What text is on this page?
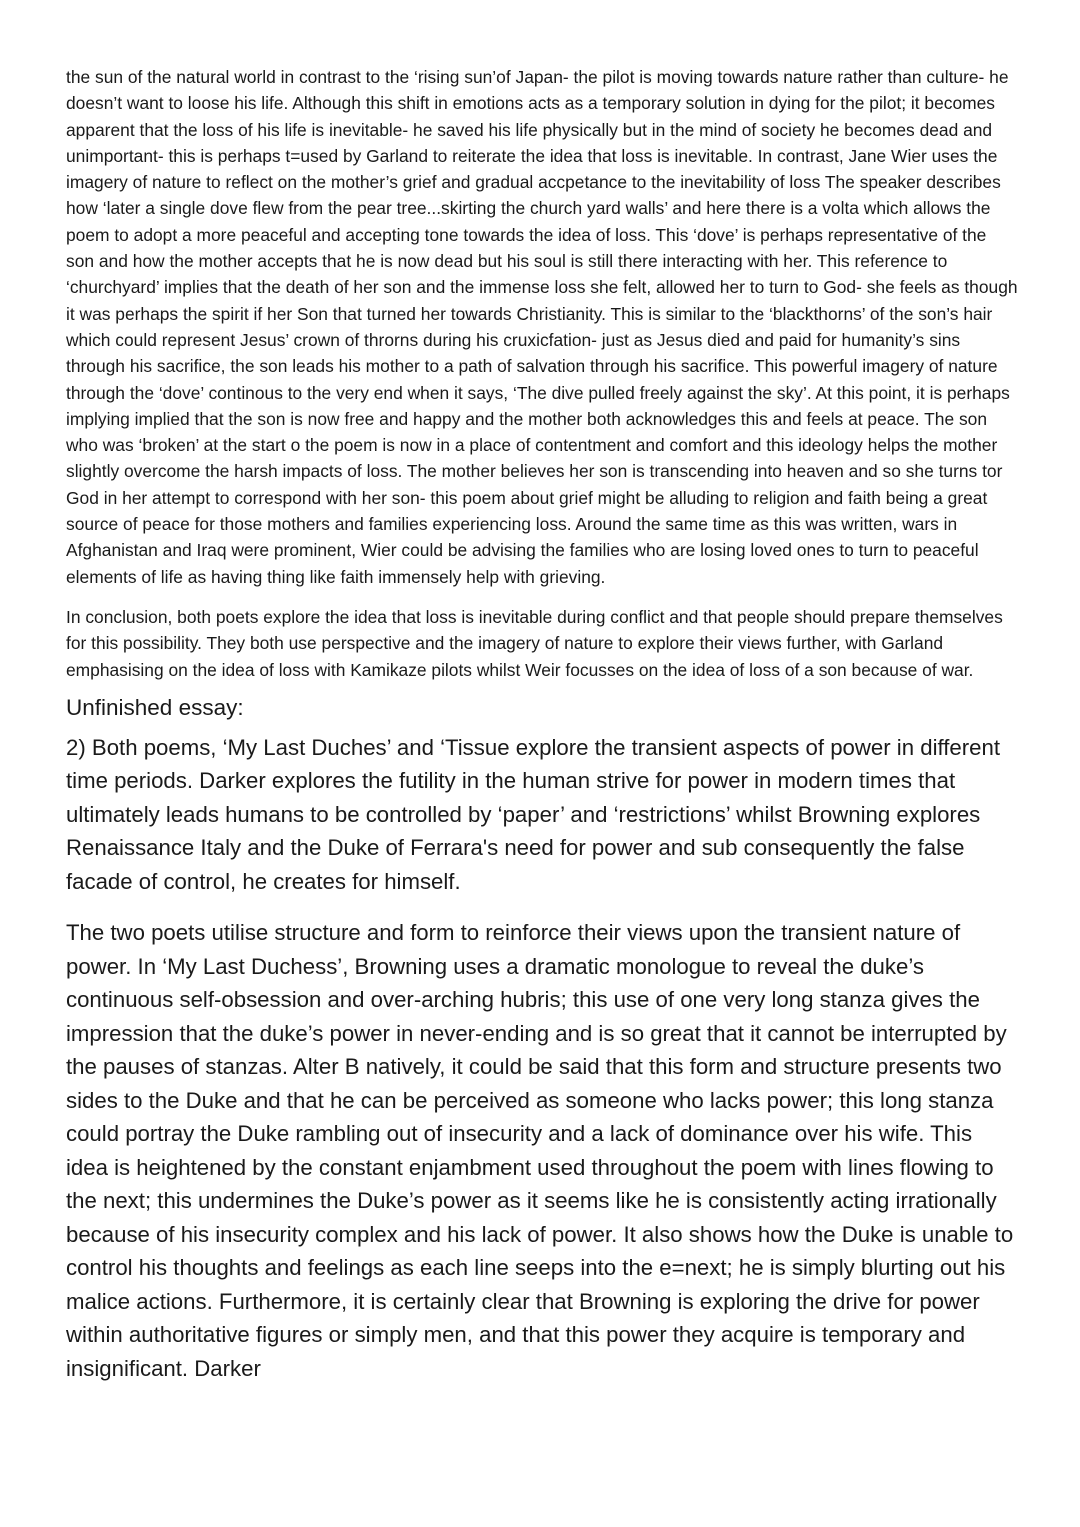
the sun of the natural world in contrast to the ‘rising sun’of Japan- the pilot is moving towards nature rather than culture- he doesn’t want to loose his life. Although this shift in emotions acts as a temporary solution in dying for the pilot; it becomes apparent that the loss of his life is inevitable- he saved his life physically but in the mind of society he becomes dead and unimportant- this is perhaps t=used by Garland to reiterate the idea that loss is inevitable. In contrast, Jane Wier uses the imagery of nature to reflect on the mother’s grief and gradual accpetance to the inevitability of loss The speaker describes how ‘later a single dove flew from the pear tree...skirting the church yard walls’ and here there is a volta which allows the poem to adopt a more peaceful and accepting tone towards the idea of loss. This ‘dove’ is perhaps representative of the son and how the mother accepts that he is now dead but his soul is still there interacting with her. This reference to ‘churchyard’ implies that the death of her son and the immense loss she felt, allowed her to turn to God- she feels as though it was perhaps the spirit if her Son that turned her towards Christianity. This is similar to the ‘blackthorns’ of the son’s hair which could represent Jesus’ crown of throrns during his cruxicfation- just as Jesus died and paid for humanity’s sins through his sacrifice, the son leads his mother to a path of salvation through his sacrifice. This powerful imagery of nature through the ‘dove’ continous to the very end when it says, ‘The dive pulled freely against the sky’. At this point, it is perhaps implying implied that the son is now free and happy and the mother both acknowledges this and feels at peace. The son who was ‘broken’ at the start o the poem is now in a place of contentment and comfort and this ideology helps the mother slightly overcome the harsh impacts of loss. The mother believes her son is transcending into heaven and so she turns tor God in her attempt to correspond with her son- this poem about grief might be alluding to religion and faith being a great source of peace for those mothers and families experiencing loss. Around the same time as this was written, wars in Afghanistan and Iraq were prominent, Wier could be advising the families who are losing loved ones to turn to peaceful elements of life as having thing like faith immensely help with grieving.

In conclusion, both poets explore the idea that loss is inevitable during conflict and that people should prepare themselves for this possibility. They both use perspective and the imagery of nature to explore their views further, with Garland emphasising on the idea of loss with Kamikaze pilots whilst Weir focusses on the idea of loss of a son because of war.

Unfinished essay:

2) Both poems, ‘My Last Duches’ and ‘Tissue explore the transient aspects of power in different time periods. Darker explores the futility in the human strive for power in modern times that ultimately leads humans to be controlled by ‘paper’ and ‘restrictions’ whilst Browning explores Renaissance Italy and the Duke of Ferrara's need for power and sub consequently the false facade of control, he creates for himself.

The two poets utilise structure and form to reinforce their views upon the transient nature of power. In ‘My Last Duchess’, Browning uses a dramatic monologue to reveal the duke’s continuous self-obsession and over-arching hubris; this use of one very long stanza gives the impression that the duke’s power in never-ending and is so great that it cannot be interrupted by the pauses of stanzas. Alter B natively, it could be said that this form and structure presents two sides to the Duke and that he can be perceived as someone who lacks power; this long stanza could portray the Duke rambling out of insecurity and a lack of dominance over his wife. This idea is heightened by the constant enjambment used throughout the poem with lines flowing to the next; this undermines the Duke’s power as it seems like he is consistently acting irrationally because of his insecurity complex and his lack of power. It also shows how the Duke is unable to control his thoughts and feelings as each line seeps into the e=next; he is simply blurting out his malice actions. Furthermore, it is certainly clear that Browning is exploring the drive for power within authoritative figures or simply men, and that this power they acquire is temporary and insignificant. Darker
